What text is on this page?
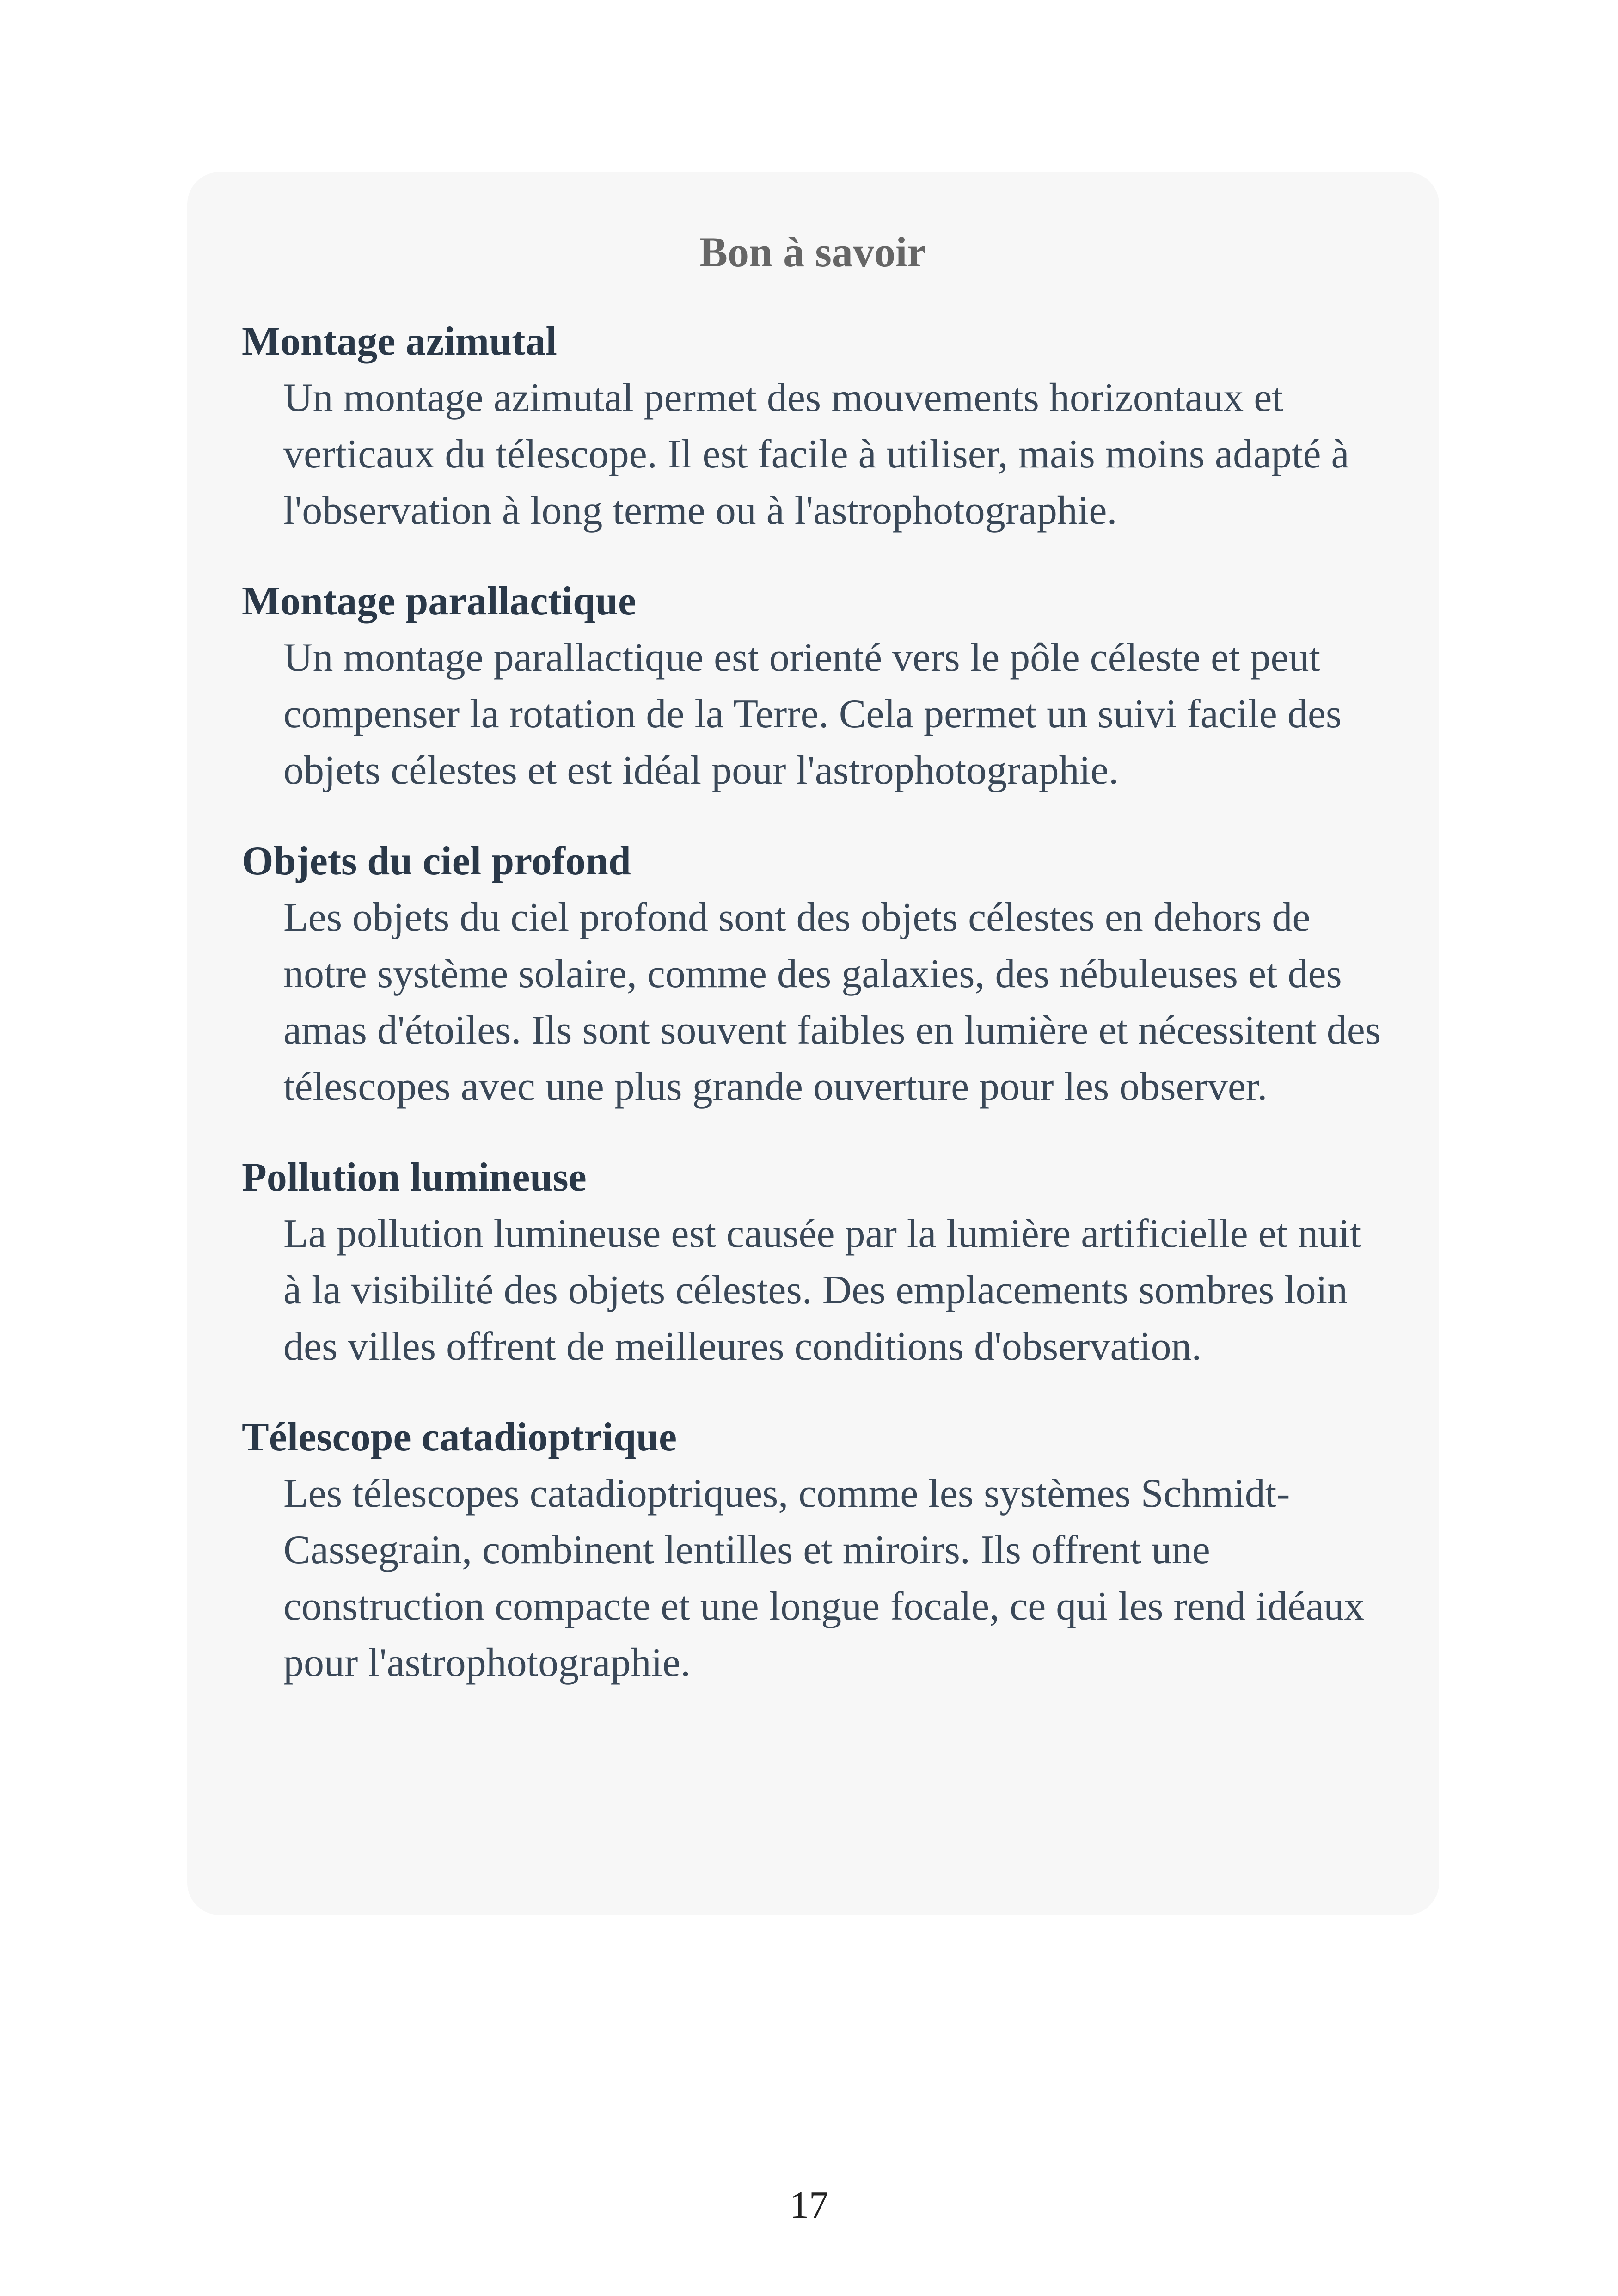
Bon à savoir
Montage azimutal
Un montage azimutal permet des mouvements horizontaux et verticaux du télescope. Il est facile à utiliser, mais moins adapté à l'observation à long terme ou à l'astrophotographie.
Montage parallactique
Un montage parallactique est orienté vers le pôle céleste et peut compenser la rotation de la Terre. Cela permet un suivi facile des objets célestes et est idéal pour l'astrophotographie.
Objets du ciel profond
Les objets du ciel profond sont des objets célestes en dehors de notre système solaire, comme des galaxies, des nébuleuses et des amas d'étoiles. Ils sont souvent faibles en lumière et nécessitent des télescopes avec une plus grande ouverture pour les observer.
Pollution lumineuse
La pollution lumineuse est causée par la lumière artificielle et nuit à la visibilité des objets célestes. Des emplacements sombres loin des villes offrent de meilleures conditions d'observation.
Télescope catadioptrique
Les télescopes catadioptriques, comme les systèmes Schmidt-Cassegrain, combinent lentilles et miroirs. Ils offrent une construction compacte et une longue focale, ce qui les rend idéaux pour l'astrophotographie.
17
